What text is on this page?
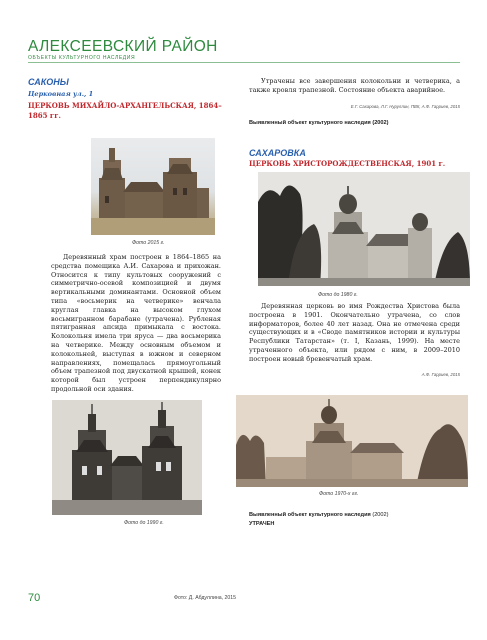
АЛЕКСЕЕВСКИЙ РАЙОН
ОБЪЕКТЫ КУЛЬТУРНОГО НАСЛЕДИЯ
САКОНЫ
Церковная ул., 1
ЦЕРКОВЬ МИХАЙЛО-АРХАНГЕЛЬСКАЯ, 1864–1865 гг.
Фото 2015 г.
Деревянный храм построен в 1864–1865 на средства помещика А.И. Сахарова и прихожан. Относится к типу культовых сооружений с симметрично-осевой композицией и двумя вертикальными доминантами. Основной объем типа «восьмерик на четверике» венчала круглая главка на высоком глухом восьмигранном барабане (утрачена). Рубленая пятигранная апсида примыкала с востока. Колокольня имела три яруса — два восьмерика на четверике. Между основным объемом и колокольней, выступая в южном и северном направлениях, помещалась прямоугольный объем трапезной под двускатной крышей, конек которой был устроен перпендикулярно продольной оси здания.
Фото до 1990 г.
Утрачены все завершения колокольни и четверика, а также кровля трапезной. Состояние объекта аварийное.
Е.Г. Сахарова, Л.Г. Нуруллин, ПВК, А.Ф. Гарриев, 2015
Выявленный объект культурного наследия (2002)
САХАРОВКА
ЦЕРКОВЬ ХРИСТОРОЖДЕСТВЕНСКАЯ, 1901 г.
Фото до 1980 г.
Деревянная церковь во имя Рождества Христова была построена в 1901. Окончательно утрачена, со слов информаторов, более 40 лет назад. Она не отмечена среди существующих и в «Своде памятников истории и культуры Республики Татарстан» (т. I, Казань, 1999). На месте утраченного объекта, или рядом с ним, в 2009–2010 построен новый бревенчатый храм.
А.Ф. Гарриев, 2015
Фото 1970-х гг.
Выявленный объект культурного наследия (2002)
УТРАЧЕН
70	Фото: Д. Абдуллина, 2015
